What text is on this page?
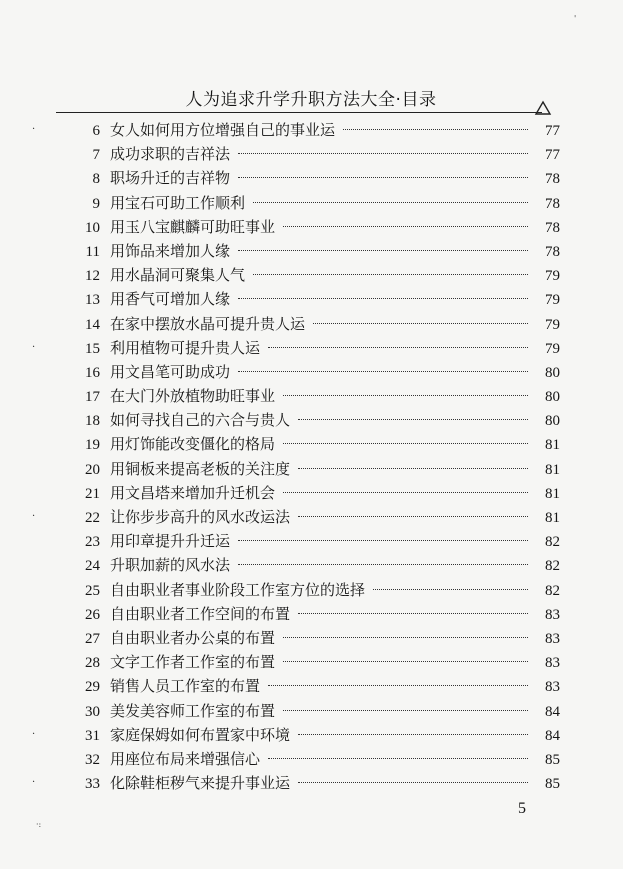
人为追求升学升职方法大全·目录
·	6 女人如何用方位增强自己的事业运	77
7 成功求职的吉祥法	77
8 职场升迁的吉祥物	78
9 用宝石可助工作顺利	78
10 用玉八宝麒麟可助旺事业	78
11 用饰品来增加人缘	78
12 用水晶洞可聚集人气	79
13 用香气可增加人缘	79
14 在家中摆放水晶可提升贵人运	79
·	15 利用植物可提升贵人运	79
16 用文昌笔可助成功	80
17 在大门外放植物助旺事业	80
18 如何寻找自己的六合与贵人	80
19 用灯饰能改变僵化的格局	81
20 用铜板来提高老板的关注度	81
21 用文昌塔来增加升迁机会	81
·	22 让你步步高升的风水改运法	81
23 用印章提升升迁运	82
24 升职加薪的风水法	82
25 自由职业者事业阶段工作室方位的选择	82
26 自由职业者工作空间的布置	83
27 自由职业者办公桌的布置	83
28 文字工作者工作室的布置	83
29 销售人员工作室的布置	83
30 美发美容师工作室的布置	84
·	31 家庭保姆如何布置家中环境	84
32 用座位布局来增强信心	85
·	33 化除鞋柜秽气来提升事业运	85
5
'
·:
